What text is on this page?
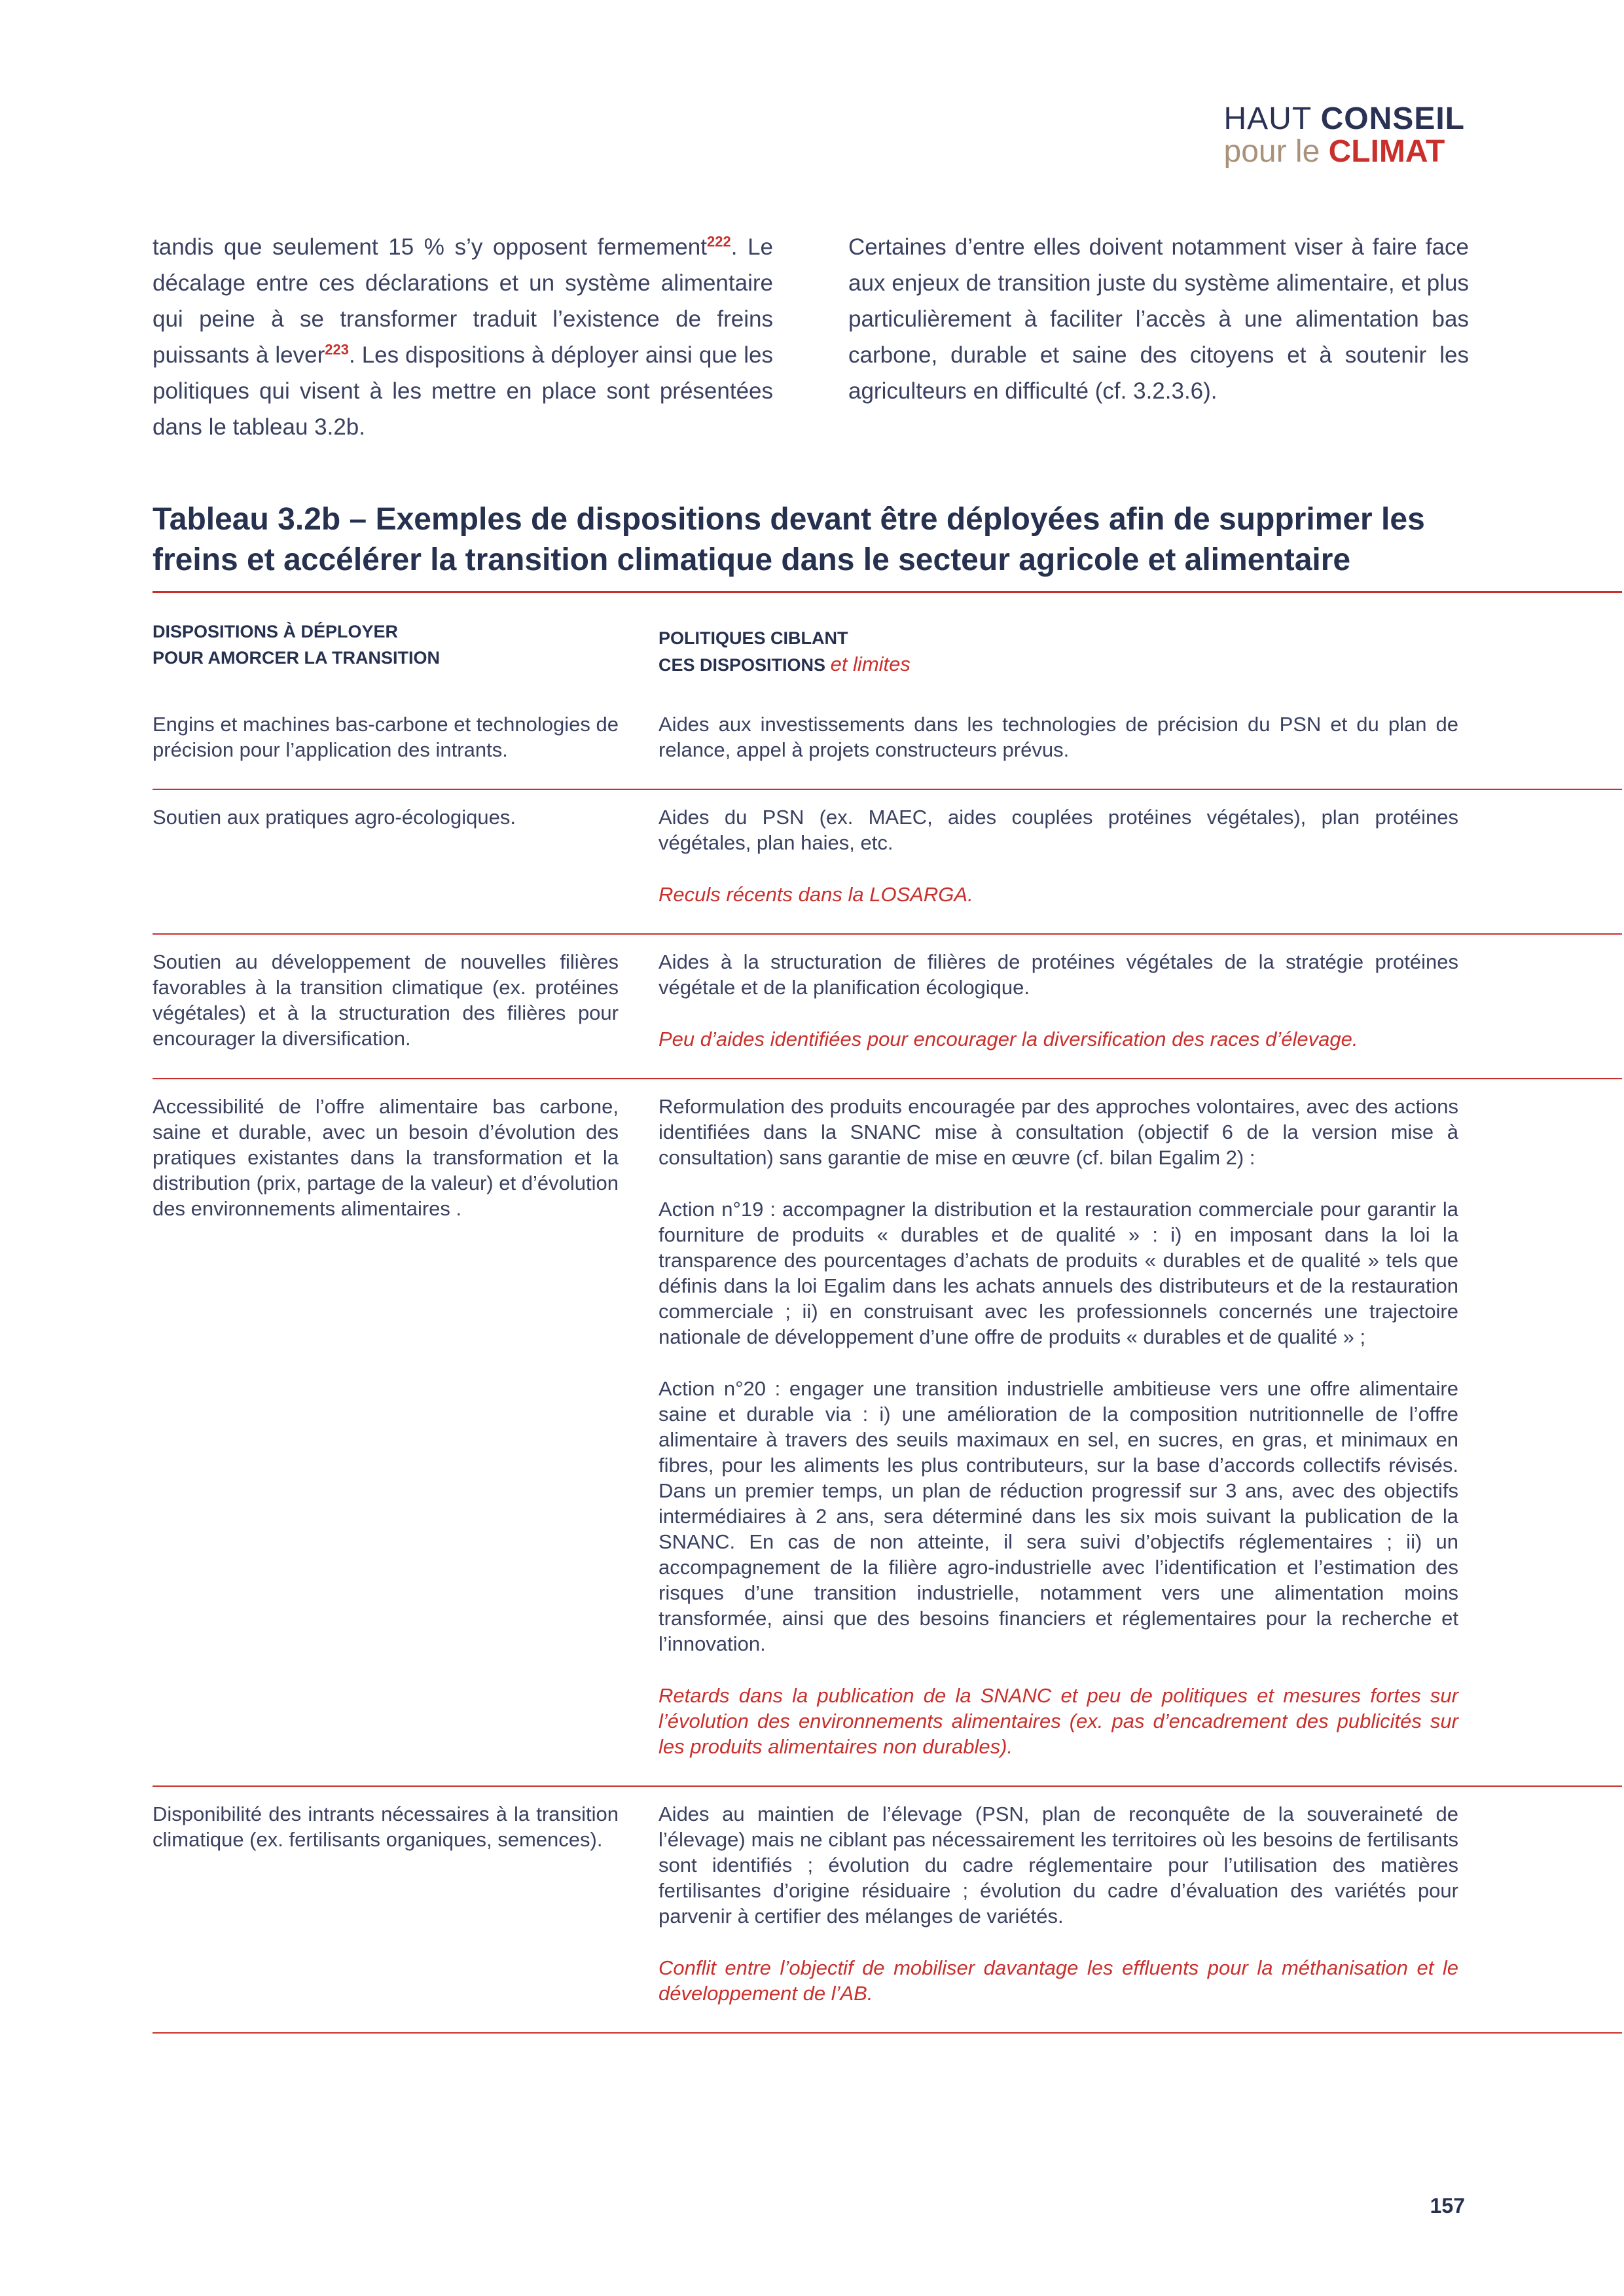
HAUT CONSEIL
pour le CLIMAT

tandis que seulement 15 % s’y opposent fermement$^{222}$. Le décalage entre ces déclarations et un système alimentaire qui peine à se transformer traduit l’existence de freins puissants à lever$^{223}$. Les dispositions à déployer ainsi que les politiques qui visent à les mettre en place sont présentées dans le tableau 3.2b.

Certaines d’entre elles doivent notamment viser à faire face aux enjeux de transition juste du système alimentaire, et plus particulièrement à faciliter l’accès à une alimentation bas carbone, durable et saine des citoyens et à soutenir les agriculteurs en difficulté (cf. 3.2.3.6).

Tableau 3.2b – Exemples de dispositions devant être déployées afin de supprimer les freins et accélérer la transition climatique dans le secteur agricole et alimentaire
DISPOSITIONS À DÉPLOYER
POUR AMORCER LA TRANSITION
POLITIQUES CIBLANT
CES DISPOSITIONS et limites
Engins et machines bas-carbone et technologies de précision pour l’application des intrants.

Aides aux investissements dans les technologies de précision du PSN et du plan de relance, appel à projets constructeurs prévus.

Soutien aux pratiques agro-écologiques.	Aides du PSN (ex. MAEC, aides couplées protéines végétales), plan protéines végétales, plan haies, etc.

Reculs récents dans la LOSARGA.

Soutien au développement de nouvelles filières favorables à la transition climatique (ex. protéines végétales) et à la structuration des filières pour encourager la diversification.

Aides à la structuration de filières de protéines végétales de la stratégie protéines végétale et de la planification écologique.

Peu d’aides identifiées pour encourager la diversification des races d’élevage.

Accessibilité de l’offre alimentaire bas carbone, saine et durable, avec un besoin d’évolution des pratiques existantes dans la transformation et la distribution (prix, partage de la valeur) et d’évolution des environnements alimentaires .

Reformulation des produits encouragée par des approches volontaires, avec des actions identifiées dans la SNANC mise à consultation (objectif 6 de la version mise à consultation) sans garantie de mise en œuvre (cf. bilan Egalim 2) :

Action n°19 : accompagner la distribution et la restauration commerciale pour garantir la fourniture de produits « durables et de qualité » : i) en imposant dans la loi la transparence des pourcentages d’achats de produits « durables et de qualité » tels que définis dans la loi Egalim dans les achats annuels des distributeurs et de la restauration commerciale ; ii) en construisant avec les professionnels concernés une trajectoire nationale de développement d’une offre de produits « durables et de qualité » ;

Action n°20 : engager une transition industrielle ambitieuse vers une offre alimentaire saine et durable via : i) une amélioration de la composition nutritionnelle de l’offre alimentaire à travers des seuils maximaux en sel, en sucres, en gras, et minimaux en fibres, pour les aliments les plus contributeurs, sur la base d’accords collectifs révisés. Dans un premier temps, un plan de réduction progressif sur 3 ans, avec des objectifs intermédiaires à 2 ans, sera déterminé dans les six mois suivant la publication de la SNANC. En cas de non atteinte, il sera suivi d’objectifs réglementaires ; ii) un accompagnement de la filière agro-industrielle avec l’identification et l’estimation des risques d’une transition industrielle, notamment vers une alimentation moins transformée, ainsi que des besoins financiers et réglementaires pour la recherche et l’innovation.

Retards dans la publication de la SNANC et peu de politiques et mesures fortes sur l’évolution des environnements alimentaires (ex. pas d’encadrement des publicités sur les produits alimentaires non durables).

Disponibilité des intrants nécessaires à la transition climatique (ex. fertilisants organiques, semences).

Aides au maintien de l’élevage (PSN, plan de reconquête de la souveraineté de l’élevage) mais ne ciblant pas nécessairement les territoires où les besoins de fertilisants sont identifiés ; évolution du cadre réglementaire pour l’utilisation des matières fertilisantes d’origine résiduaire ; évolution du cadre d’évaluation des variétés pour parvenir à certifier des mélanges de variétés.

Conflit entre l’objectif de mobiliser davantage les effluents pour la méthanisation et le développement de l’AB.

157
